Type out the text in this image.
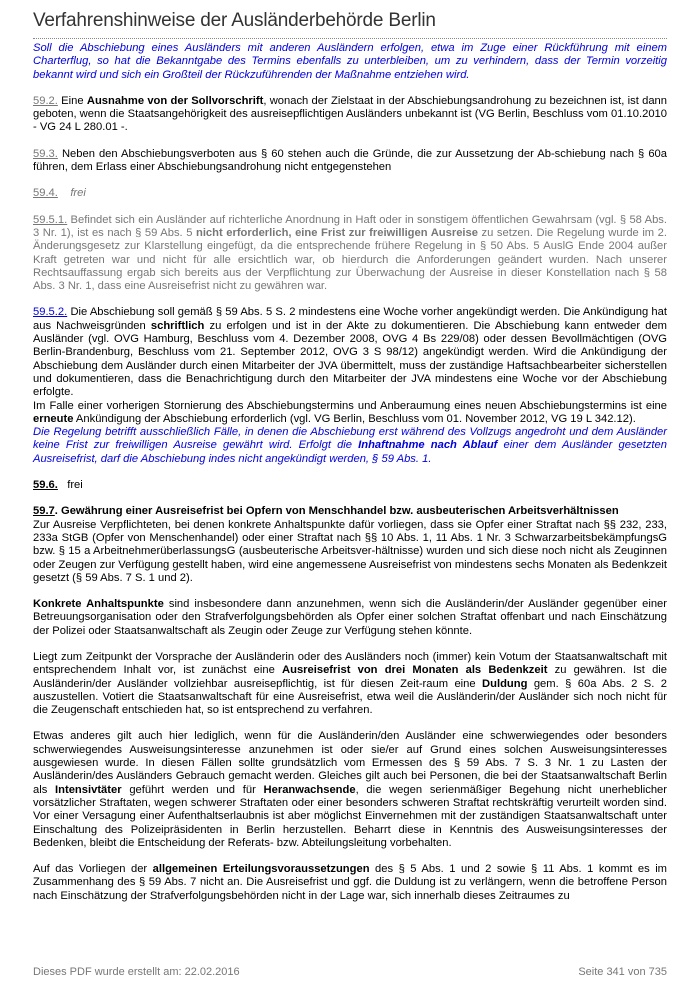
Verfahrenshinweise der Ausländerbehörde Berlin

Soll die Abschiebung eines Ausländers mit anderen Ausländern erfolgen, etwa im Zuge einer Rückführung mit einem Charterflug, so hat die Bekanntgabe des Termins ebenfalls zu unterbleiben, um zu verhindern, dass der Termin vorzeitig bekannt wird und sich ein Großteil der Rückzuführenden der Maßnahme entziehen wird.

59.2. Eine Ausnahme von der Sollvorschrift, wonach der Zielstaat in der Abschiebungsandrohung zu bezeichnen ist, ist dann geboten, wenn die Staatsangehörigkeit des ausreisepflichtigen Ausländers unbekannt ist (VG Berlin, Beschluss vom 01.10.2010 - VG 24 L 280.01 -.

59.3. Neben den Abschiebungsverboten aus § 60 stehen auch die Gründe, die zur Aussetzung der Ab-schiebung nach § 60a führen, dem Erlass einer Abschiebungsandrohung nicht entgegenstehen

59.4. frei

59.5.1. Befindet sich ein Ausländer auf richterliche Anordnung in Haft oder in sonstigem öffentlichen Gewahrsam (vgl. § 58 Abs. 3 Nr. 1), ist es nach § 59 Abs. 5 nicht erforderlich, eine Frist zur freiwilligen Ausreise zu setzen. Die Regelung wurde im 2. Änderungsgesetz zur Klarstellung eingefügt, da die entsprechende frühere Regelung in § 50 Abs. 5 AuslG Ende 2004 außer Kraft getreten war und nicht für alle ersichtlich war, ob hierdurch die Anforderungen geändert wurden. Nach unserer Rechtsauffassung ergab sich bereits aus der Verpflichtung zur Überwachung der Ausreise in dieser Konstellation nach § 58 Abs. 3 Nr. 1, dass eine Ausreisefrist nicht zu gewähren war.

59.5.2. Die Abschiebung soll gemäß § 59 Abs. 5 S. 2 mindestens eine Woche vorher angekündigt werden. Die Ankündigung hat aus Nachweisgründen schriftlich zu erfolgen und ist in der Akte zu dokumentieren. Die Abschiebung kann entweder dem Ausländer (vgl. OVG Hamburg, Beschluss vom 4. Dezember 2008, OVG 4 Bs 229/08) oder dessen Bevollmächtigen (OVG Berlin-Brandenburg, Beschluss vom 21. September 2012, OVG 3 S 98/12) angekündigt werden. Wird die Ankündigung der Abschiebung dem Ausländer durch einen Mitarbeiter der JVA übermittelt, muss der zuständige Haftsachbearbeiter sicherstellen und dokumentieren, dass die Benachrichtigung durch den Mitarbeiter der JVA mindestens eine Woche vor der Abschiebung erfolgte.

Im Falle einer vorherigen Stornierung des Abschiebungstermins und Anberaumung eines neuen Abschiebungstermins ist eine erneute Ankündigung der Abschiebung erforderlich (vgl. VG Berlin, Beschluss vom 01. November 2012, VG 19 L 342.12).

Die Regelung betrifft ausschließlich Fälle, in denen die Abschiebung erst während des Vollzugs angedroht und dem Ausländer keine Frist zur freiwilligen Ausreise gewährt wird. Erfolgt die Inhaftnahme nach Ablauf einer dem Ausländer gesetzten Ausreisefrist, darf die Abschiebung indes nicht angekündigt werden, § 59 Abs. 1.

59.6. frei

59.7. Gewährung einer Ausreisefrist bei Opfern von Menschhandel bzw. ausbeuterischen Arbeitsverhältnissen

Zur Ausreise Verpflichteten, bei denen konkrete Anhaltspunkte dafür vorliegen, dass sie Opfer einer Straftat nach §§ 232, 233, 233a StGB (Opfer von Menschenhandel) oder einer Straftat nach §§ 10 Abs. 1, 11 Abs. 1 Nr. 3 SchwarzarbeitsbekämpfungsG bzw. § 15 a ArbeitnehmerüberlassungsG (ausbeuterische Arbeitsver-hältnisse) wurden und sich diese noch nicht als Zeuginnen oder Zeugen zur Verfügung gestellt haben, wird eine angemessene Ausreisefrist von mindestens sechs Monaten als Bedenkzeit gesetzt (§ 59 Abs. 7 S. 1 und 2).

Konkrete Anhaltspunkte sind insbesondere dann anzunehmen, wenn sich die Ausländerin/der Ausländer gegenüber einer Betreuungsorganisation oder den Strafverfolgungsbehörden als Opfer einer solchen Straftat offenbart und nach Einschätzung der Polizei oder Staatsanwaltschaft als Zeugin oder Zeuge zur Verfügung stehen könnte.

Liegt zum Zeitpunkt der Vorsprache der Ausländerin oder des Ausländers noch (immer) kein Votum der Staatsanwaltschaft mit entsprechendem Inhalt vor, ist zunächst eine Ausreisefrist von drei Monaten als Bedenkzeit zu gewähren. Ist die Ausländerin/der Ausländer vollziehbar ausreisepflichtig, ist für diesen Zeit-raum eine Duldung gem. § 60a Abs. 2 S. 2 auszustellen. Votiert die Staatsanwaltschaft für eine Ausreisefrist, etwa weil die Ausländerin/der Ausländer sich noch nicht für die Zeugenschaft entschieden hat, so ist entsprechend zu verfahren.

Etwas anderes gilt auch hier lediglich, wenn für die Ausländerin/den Ausländer eine schwerwiegendes oder besonders schwerwiegendes Ausweisungsinteresse anzunehmen ist oder sie/er auf Grund eines solchen Ausweisungsinteresses ausgewiesen wurde. In diesen Fällen sollte grundsätzlich vom Ermessen des § 59 Abs. 7 S. 3 Nr. 1 zu Lasten der Ausländerin/des Ausländers Gebrauch gemacht werden. Gleiches gilt auch bei Personen, die bei der Staatsanwaltschaft Berlin als Intensivtäter geführt werden und für Heranwachsende, die wegen serienmäßiger Begehung nicht unerheblicher vorsätzlicher Straftaten, wegen schwerer Straftaten oder einer besonders schweren Straftat rechtskräftig verurteilt worden sind. Vor einer Versagung einer Aufenthaltserlaubnis ist aber möglichst Einvernehmen mit der zuständigen Staatsanwaltschaft unter Einschaltung des Polizeipräsidenten in Berlin herzustellen. Beharrt diese in Kenntnis des Ausweisungsinteresses der Bedenken, bleibt die Entscheidung der Referats- bzw. Abteilungsleitung vorbehalten.

Auf das Vorliegen der allgemeinen Erteilungsvoraussetzungen des § 5 Abs. 1 und 2 sowie § 11 Abs. 1 kommt es im Zusammenhang des § 59 Abs. 7 nicht an. Die Ausreisefrist und ggf. die Duldung ist zu verlängern, wenn die betroffene Person nach Einschätzung der Strafverfolgungsbehörden nicht in der Lage war, sich innerhalb dieses Zeitraumes zu

Dieses PDF wurde erstellt am: 22.02.2016	Seite 341 von 735
